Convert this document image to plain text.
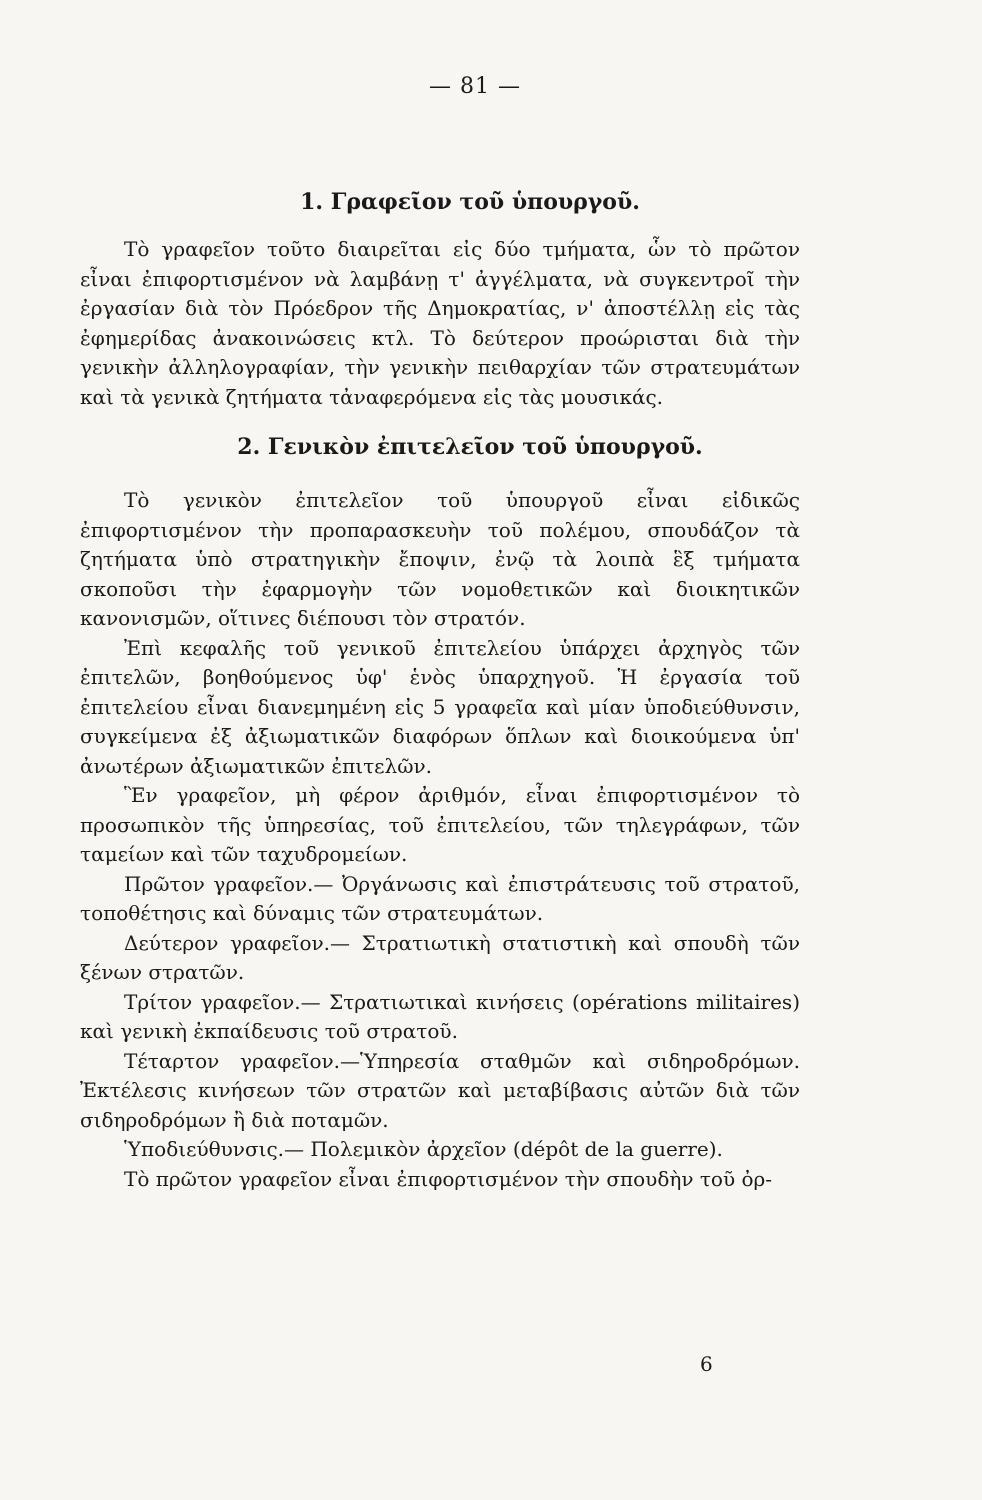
— 81 —
1. Γραφεῖον τοῦ ὑπουργοῦ.

Τὸ γραφεῖον τοῦτο διαιρεῖται εἰς δύο τμήματα, ὧν τὸ πρῶτον εἶναι ἐπιφορτισμένον νὰ λαμβάνῃ τ' ἀγγέλματα, νὰ συγκεντροῖ τὴν ἐργασίαν διὰ τὸν Πρόεδρον τῆς Δημοκρατίας, ν' ἀποστέλλῃ εἰς τὰς ἐφημερίδας ἀνακοινώσεις κτλ. Τὸ δεύτερον προώρισται διὰ τὴν γενικὴν ἀλληλογραφίαν, τὴν γενικὴν πειθαρχίαν τῶν στρατευμάτων καὶ τὰ γενικὰ ζητήματα τἀναφερόμενα εἰς τὰς μουσικάς.

2. Γενικὸν ἐπιτελεῖον τοῦ ὑπουργοῦ.

Τὸ γενικὸν ἐπιτελεῖον τοῦ ὑπουργοῦ εἶναι εἰδικῶς ἐπιφορτισμένον τὴν προπαρασκευὴν τοῦ πολέμου, σπουδάζον τὰ ζητήματα ὑπὸ στρατηγικὴν ἔποψιν, ἐνῷ τὰ λοιπὰ ἓξ τμήματα σκοποῦσι τὴν ἐφαρμογὴν τῶν νομοθετικῶν καὶ διοικητικῶν κανονισμῶν, οἵτινες διέπουσι τὸν στρατόν.

Ἐπὶ κεφαλῆς τοῦ γενικοῦ ἐπιτελείου ὑπάρχει ἀρχηγὸς τῶν ἐπιτελῶν, βοηθούμενος ὑφ' ἑνὸς ὑπαρχηγοῦ. Ἡ ἐργασία τοῦ ἐπιτελείου εἶναι διανεμημένη εἰς 5 γραφεῖα καὶ μίαν ὑποδιεύθυνσιν, συγκείμενα ἐξ ἀξιωματικῶν διαφόρων ὅπλων καὶ διοικούμενα ὑπ' ἀνωτέρων ἀξιωματικῶν ἐπιτελῶν.

Ἓν γραφεῖον, μὴ φέρον ἀριθμόν, εἶναι ἐπιφορτισμένον τὸ προσωπικὸν τῆς ὑπηρεσίας, τοῦ ἐπιτελείου, τῶν τηλεγράφων, τῶν ταμείων καὶ τῶν ταχυδρομείων.

Πρῶτον γραφεῖον.— Ὀργάνωσις καὶ ἐπιστράτευσις τοῦ στρατοῦ, τοποθέτησις καὶ δύναμις τῶν στρατευμάτων.

Δεύτερον γραφεῖον.— Στρατιωτικὴ στατιστικὴ καὶ σπουδὴ τῶν ξένων στρατῶν.

Τρίτον γραφεῖον.— Στρατιωτικαὶ κινήσεις (opérations militaires) καὶ γενικὴ ἐκπαίδευσις τοῦ στρατοῦ.

Τέταρτον γραφεῖον.—Ὑπηρεσία σταθμῶν καὶ σιδηροδρόμων. Ἐκτέλεσις κινήσεων τῶν στρατῶν καὶ μεταβίβασις αὐτῶν διὰ τῶν σιδηροδρόμων ἢ διὰ ποταμῶν.

Ὑποδιεύθυνσις.— Πολεμικὸν ἀρχεῖον (dépôt de la guerre).

Τὸ πρῶτον γραφεῖον εἶναι ἐπιφορτισμένον τὴν σπουδὴν τοῦ ὀρ-

6
